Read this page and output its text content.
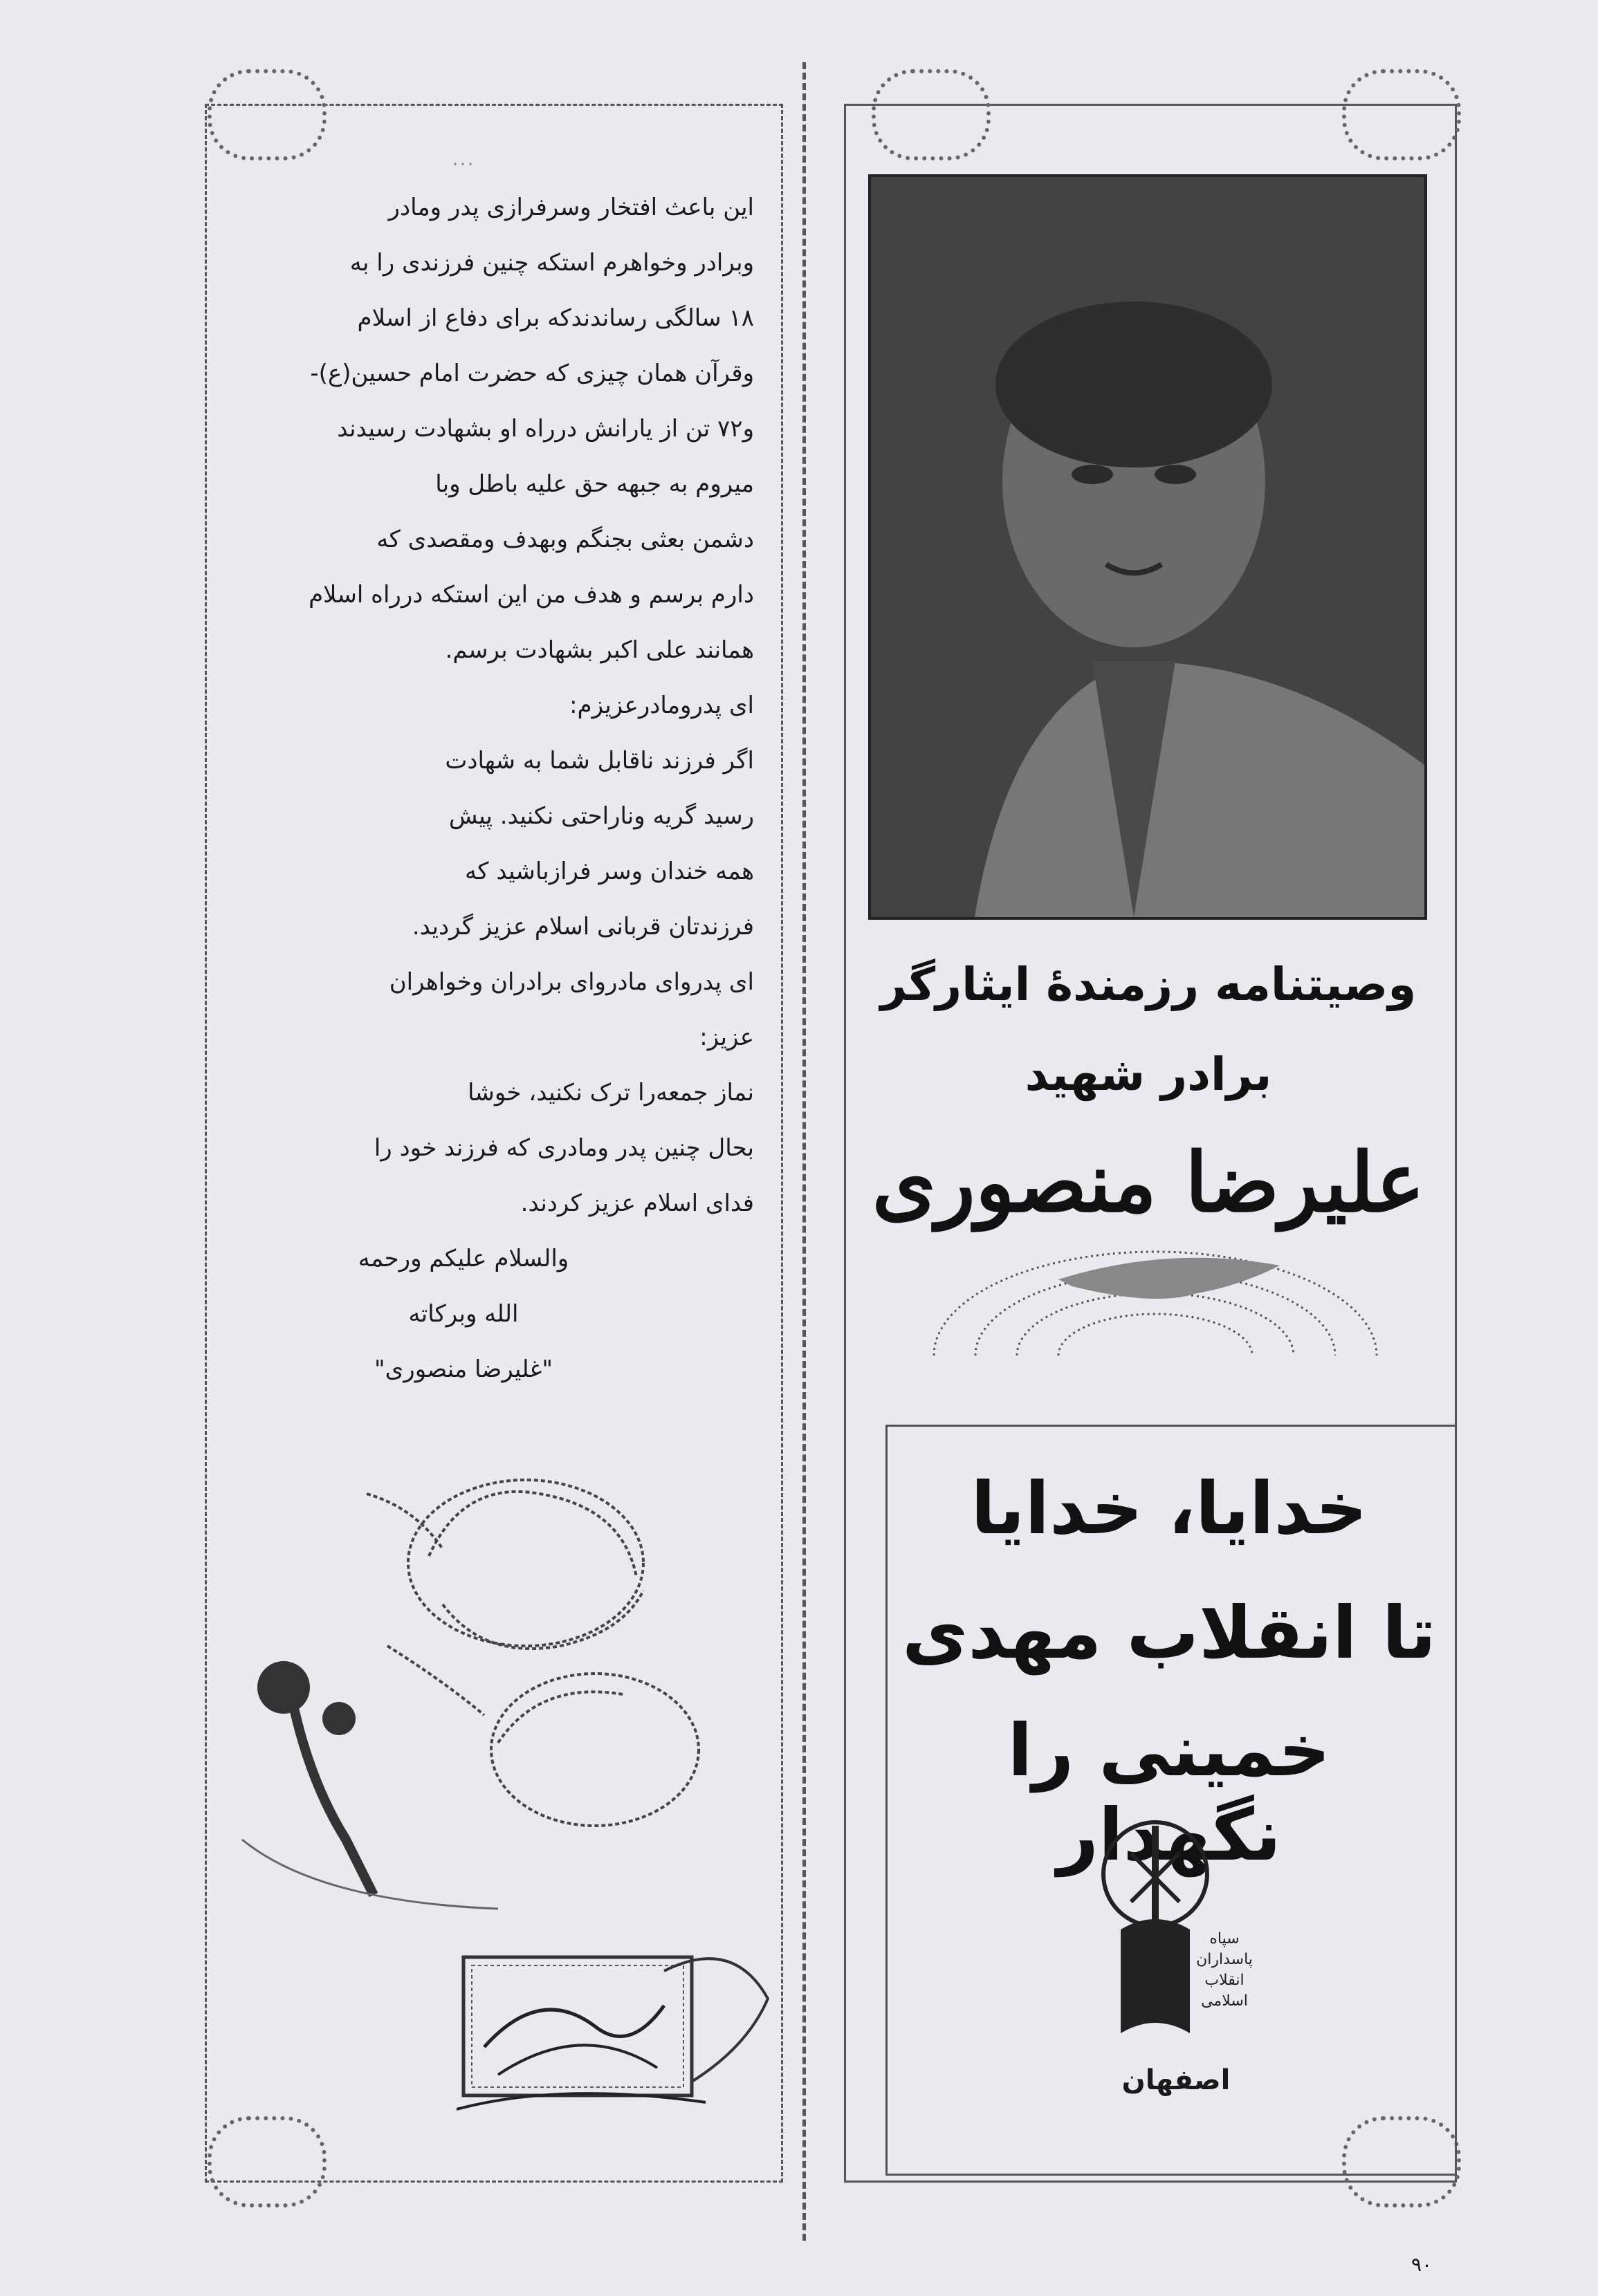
...

این باعث افتخار وسرفرازی پدر ومادر

وبرادر وخواهرم استکه چنین فرزندی را به

۱۸ سالگی رساندندکه برای دفاع از اسلام

وقرآن همان چیزی که حضرت امام حسین(ع)-

و۷۲ تن از یارانش درراه او بشهادت رسیدند

میروم به جبهه‌ حق علیه باطل وبا

دشمن بعثی بجنگم وبهدف ومقصدی که

دارم برسم و هدف من این استکه درراه اسلام

همانند علی اکبر بشهادت برسم.

ای پدرومادرعزیزم:

اگر فرزند ناقابل شما به شهادت

رسید گریه وناراحتی نکنید. پیش

همه خندان وسر فرازباشید که

فرزندتان قربانی اسلام عزیز گردید.

ای پدروای مادروای برادران وخواهران

عزیز:

نماز جمعه‌را ترک نکنید، خوشا

بحال چنین پدر ومادری که فرزند خود را

فدای اسلام عزیز کردند.

والسلام علیکم ورحمه

الله وبرکاته

"غلیرضا منصوری"

وصیتنامه رزمندهٔ ایثارگر
برادر شهید
علیرضا منصوری
خدایا، خدایا
تا انقلاب مهدی
خمینی را نگهدار
سپاه
پاسداران
انقلاب
اسلامی
اصفهان
۹۰
